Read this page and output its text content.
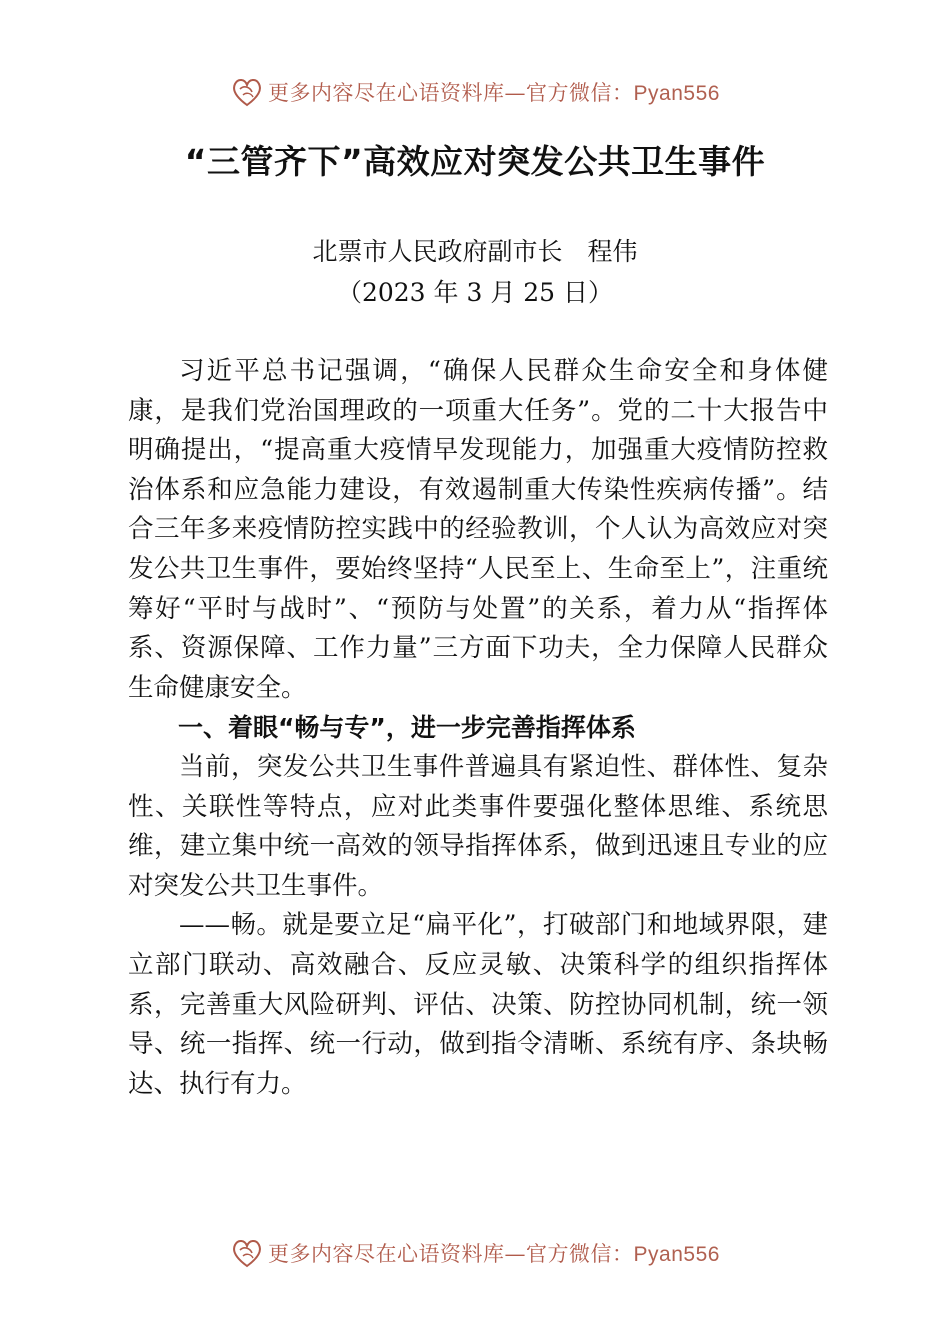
更多内容尽在心语资料库—官方微信：Pyan556
“三管齐下”高效应对突发公共卫生事件
北票市人民政府副市长　程伟
（2023 年 3 月 25 日）

习近平总书记强调，“确保人民群众生命安全和身体健康，是我们党治国理政的一项重大任务”。党的二十大报告中明确提出，“提高重大疫情早发现能力，加强重大疫情防控救治体系和应急能力建设，有效遏制重大传染性疾病传播”。结合三年多来疫情防控实践中的经验教训，个人认为高效应对突发公共卫生事件，要始终坚持“人民至上、生命至上”，注重统筹好“平时与战时”、“预防与处置”的关系，着力从“指挥体系、资源保障、工作力量”三方面下功夫，全力保障人民群众生命健康安全。

一、着眼“畅与专”，进一步完善指挥体系

当前，突发公共卫生事件普遍具有紧迫性、群体性、复杂性、关联性等特点，应对此类事件要强化整体思维、系统思维，建立集中统一高效的领导指挥体系，做到迅速且专业的应对突发公共卫生事件。

——畅。就是要立足“扁平化”，打破部门和地域界限，建立部门联动、高效融合、反应灵敏、决策科学的组织指挥体系，完善重大风险研判、评估、决策、防控协同机制，统一领导、统一指挥、统一行动，做到指令清晰、系统有序、条块畅达、执行有力。

更多内容尽在心语资料库—官方微信：Pyan556
